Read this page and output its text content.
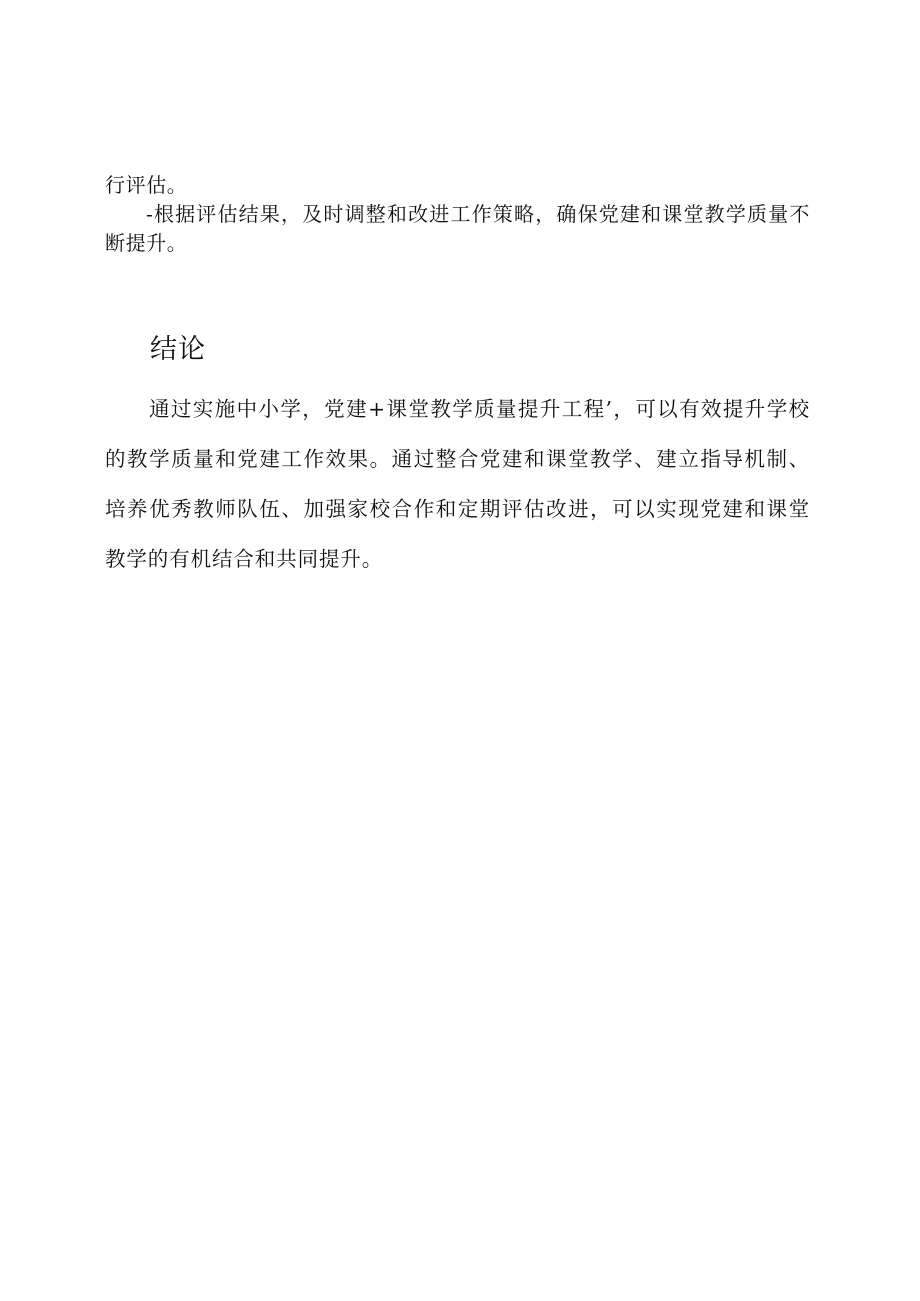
行评估。

-根据评估结果，及时调整和改进工作策略，确保党建和课堂教学质量不断提升。

结论

通过实施中小学，党建+课堂教学质量提升工程’，可以有效提升学校的教学质量和党建工作效果。通过整合党建和课堂教学、建立指导机制、培养优秀教师队伍、加强家校合作和定期评估改进，可以实现党建和课堂教学的有机结合和共同提升。
